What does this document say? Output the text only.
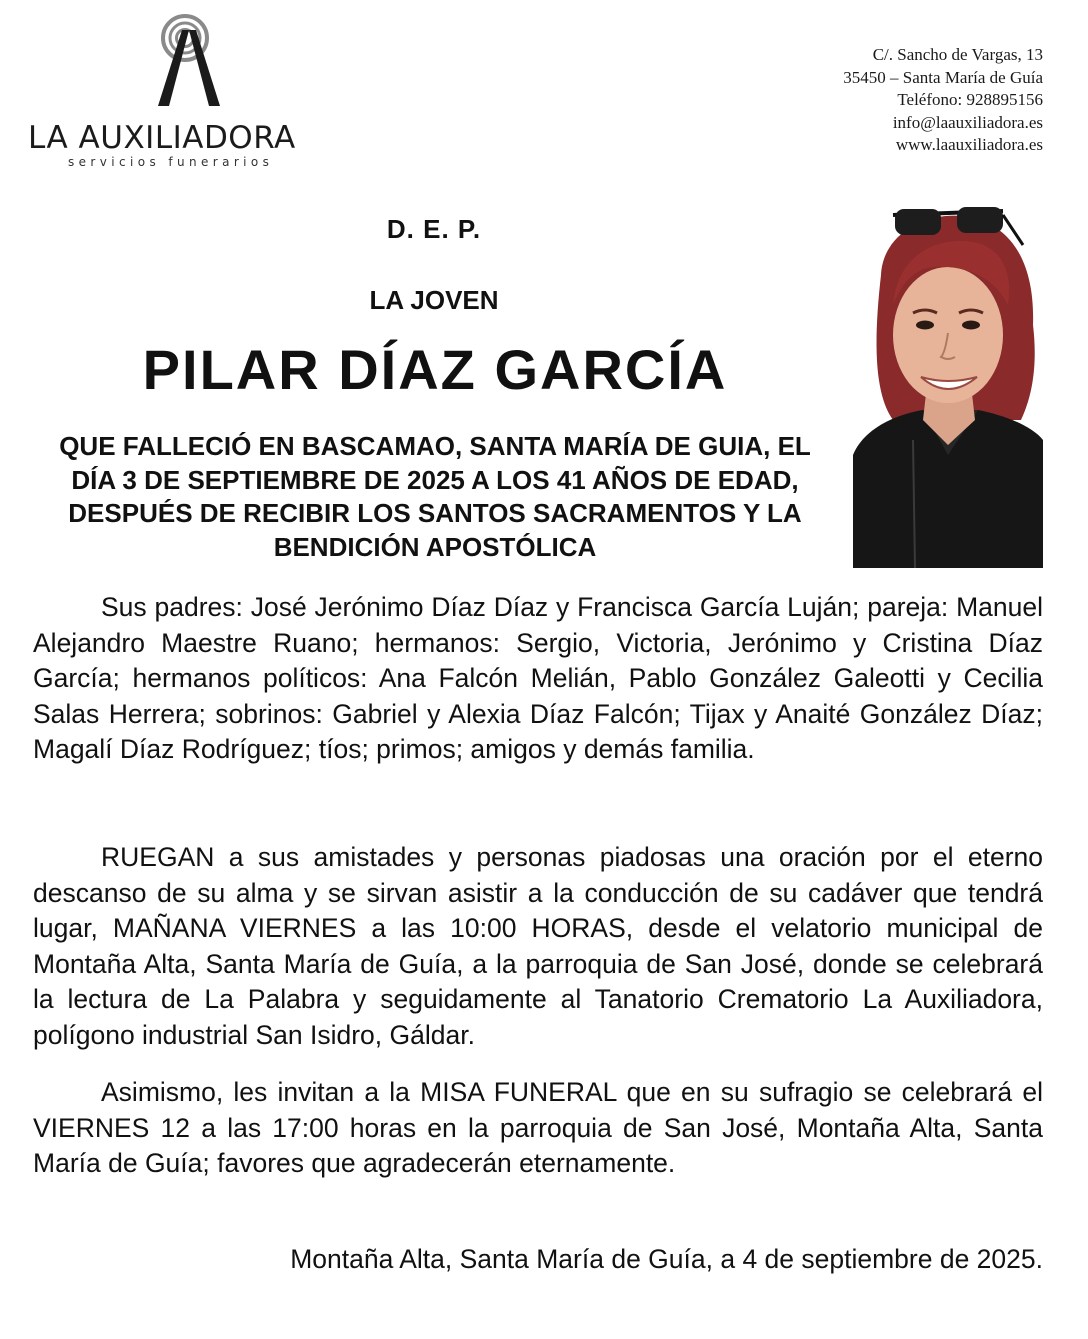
LA AUXILIADORA
servicios funerarios
C/. Sancho de Vargas, 13
35450 – Santa María de Guía
Teléfono: 928895156
info@laauxiliadora.es
www.laauxiliadora.es
D. E. P.
LA JOVEN
PILAR DÍAZ GARCÍA
QUE FALLECIÓ EN BASCAMAO, SANTA MARÍA DE GUIA, EL DÍA 3 DE SEPTIEMBRE DE 2025 A LOS 41 AÑOS DE EDAD, DESPUÉS DE RECIBIR LOS SANTOS SACRAMENTOS Y LA BENDICIÓN APOSTÓLICA
Sus padres: José Jerónimo Díaz Díaz y Francisca García Luján; pareja: Manuel Alejandro Maestre Ruano; hermanos: Sergio, Victoria, Jerónimo y Cristina Díaz García; hermanos políticos: Ana Falcón Melián, Pablo González Galeotti y Cecilia Salas Herrera; sobrinos: Gabriel y Alexia Díaz Falcón; Tijax y Anaité González Díaz; Magalí Díaz Rodríguez; tíos; primos; amigos y demás familia.
RUEGAN a sus amistades y personas piadosas una oración por el eterno descanso de su alma y se sirvan asistir a la conducción de su cadáver que tendrá lugar, MAÑANA VIERNES a las 10:00 HORAS, desde el velatorio municipal de Montaña Alta, Santa María de Guía, a la parroquia de San José, donde se celebrará la lectura de La Palabra y seguidamente al Tanatorio Crematorio La Auxiliadora, polígono industrial San Isidro, Gáldar.
Asimismo, les invitan a la MISA FUNERAL que en su sufragio se celebrará el VIERNES 12 a las 17:00 horas en la parroquia de San José, Montaña Alta, Santa María de Guía; favores que agradecerán eternamente.
Montaña Alta, Santa María de Guía, a 4 de septiembre de 2025.
